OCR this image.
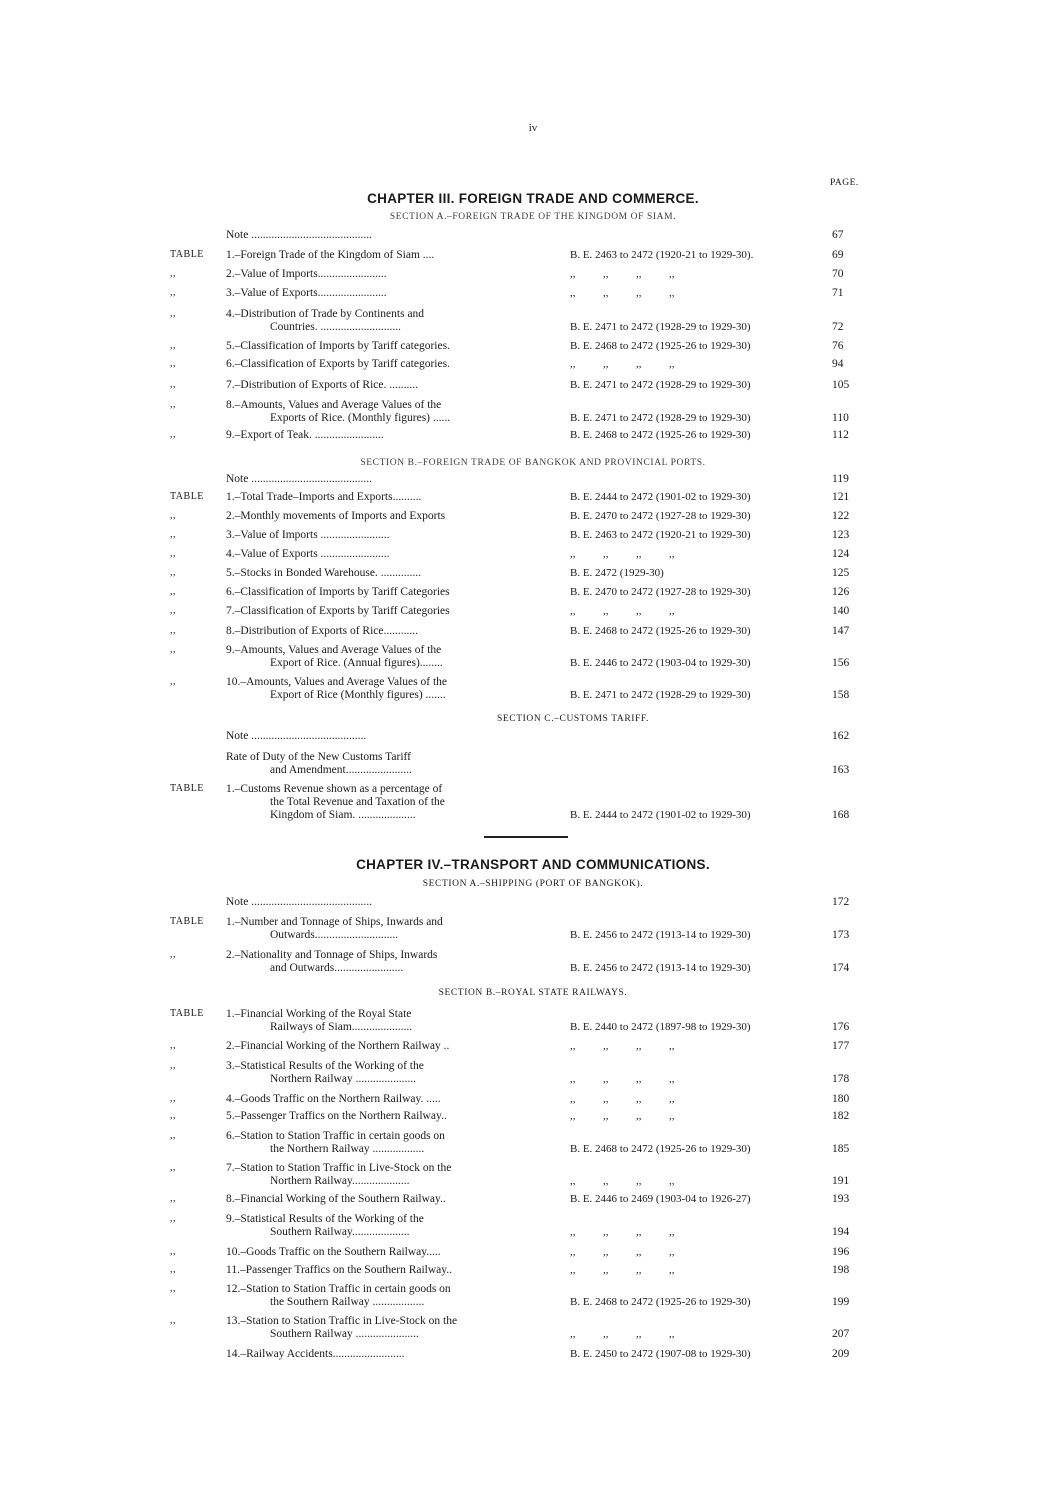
iv
PAGE.
CHAPTER III. FOREIGN TRADE AND COMMERCE.
SECTION A.–FOREIGN TRADE OF THE KINGDOM OF SIAM.
Note ..........................................	67
TABLE	1.–Foreign Trade of the Kingdom of Siam ....	B. E. 2463 to 2472 (1920-21 to 1929-30).	69
,,	2.–Value of Imports........................	,,          ,,          ,,          ,,	70
,,	3.–Value of Exports........................	,,          ,,          ,,          ,,	71
,,	4.–Distribution of Trade by Continents and
Countries. ............................	B. E. 2471 to 2472 (1928-29 to 1929-30)	72
,,	5.–Classification of Imports by Tariff categories.	B. E. 2468 to 2472 (1925-26 to 1929-30)	76
,,	6.–Classification of Exports by Tariff categories.	,,          ,,          ,,          ,,	94
,,	7.–Distribution of Exports of Rice. ..........	B. E. 2471 to 2472 (1928-29 to 1929-30)	105
,,	8.–Amounts, Values and Average Values of the
Exports of Rice. (Monthly figures) ......	B. E. 2471 to 2472 (1928-29 to 1929-30)	110
,,	9.–Export of Teak. ........................	B. E. 2468 to 2472 (1925-26 to 1929-30)	112
SECTION B.–FOREIGN TRADE OF BANGKOK AND PROVINCIAL PORTS.
Note ..........................................	119
TABLE	1.–Total Trade–Imports and Exports..........	B. E. 2444 to 2472 (1901-02 to 1929-30)	121
,,	2.–Monthly movements of Imports and Exports	B. E. 2470 to 2472 (1927-28 to 1929-30)	122
,,	3.–Value of Imports ........................	B. E. 2463 to 2472 (1920-21 to 1929-30)	123
,,	4.–Value of Exports ........................	,,          ,,          ,,          ,,	124
,,	5.–Stocks in Bonded Warehouse. ..............	B. E. 2472 (1929-30)	125
,,	6.–Classification of Imports by Tariff Categories	B. E. 2470 to 2472 (1927-28 to 1929-30)	126
,,	7.–Classification of Exports by Tariff Categories	,,          ,,          ,,          ,,	140
,,	8.–Distribution of Exports of Rice............	B. E. 2468 to 2472 (1925-26 to 1929-30)	147
,,	9.–Amounts, Values and Average Values of the
Export of Rice. (Annual figures)........	B. E. 2446 to 2472 (1903-04 to 1929-30)	156
,,	10.–Amounts, Values and Average Values of the
Export of Rice (Monthly figures) .......	B. E. 2471 to 2472 (1928-29 to 1929-30)	158
SECTION C.–CUSTOMS TARIFF.
Note ........................................	162
Rate of Duty of the New Customs Tariff
and Amendment.......................	163
TABLE	1.–Customs Revenue shown as a percentage of
the Total Revenue and Taxation of the
Kingdom of Siam. ....................	B. E. 2444 to 2472 (1901-02 to 1929-30)	168
CHAPTER IV.–TRANSPORT AND COMMUNICATIONS.
SECTION A.–SHIPPING (PORT OF BANGKOK).
Note ..........................................	172
TABLE	1.–Number and Tonnage of Ships, Inwards and
Outwards.............................	B. E. 2456 to 2472 (1913-14 to 1929-30)	173
,,	2.–Nationality and Tonnage of Ships, Inwards
and Outwards........................	B. E. 2456 to 2472 (1913-14 to 1929-30)	174
SECTION B.–ROYAL STATE RAILWAYS.
TABLE	1.–Financial Working of the Royal State
Railways of Siam.....................	B. E. 2440 to 2472 (1897-98 to 1929-30)	176
,,	2.–Financial Working of the Northern Railway ..	,,          ,,          ,,          ,,	177
,,	3.–Statistical Results of the Working of the
Northern Railway .....................	,,          ,,          ,,          ,,	178
,,	4.–Goods Traffic on the Northern Railway. .....	,,          ,,          ,,          ,,	180
,,	5.–Passenger Traffics on the Northern Railway..	,,          ,,          ,,          ,,	182
,,	6.–Station to Station Traffic in certain goods on
the Northern Railway ..................	B. E. 2468 to 2472 (1925-26 to 1929-30)	185
,,	7.–Station to Station Traffic in Live-Stock on the
Northern Railway....................	,,          ,,          ,,          ,,	191
,,	8.–Financial Working of the Southern Railway..	B. E. 2446 to 2469 (1903-04 to 1926-27)	193
,,	9.–Statistical Results of the Working of the
Southern Railway....................	,,          ,,          ,,          ,,	194
,,	10.–Goods Traffic on the Southern Railway.....	,,          ,,          ,,          ,,	196
,,	11.–Passenger Traffics on the Southern Railway..	,,          ,,          ,,          ,,	198
,,	12.–Station to Station Traffic in certain goods on
the Southern Railway ..................	B. E. 2468 to 2472 (1925-26 to 1929-30)	199
,,	13.–Station to Station Traffic in Live-Stock on the
Southern Railway ......................	,,          ,,          ,,          ,,	207
14.–Railway Accidents.........................	B. E. 2450 to 2472 (1907-08 to 1929-30)	209
